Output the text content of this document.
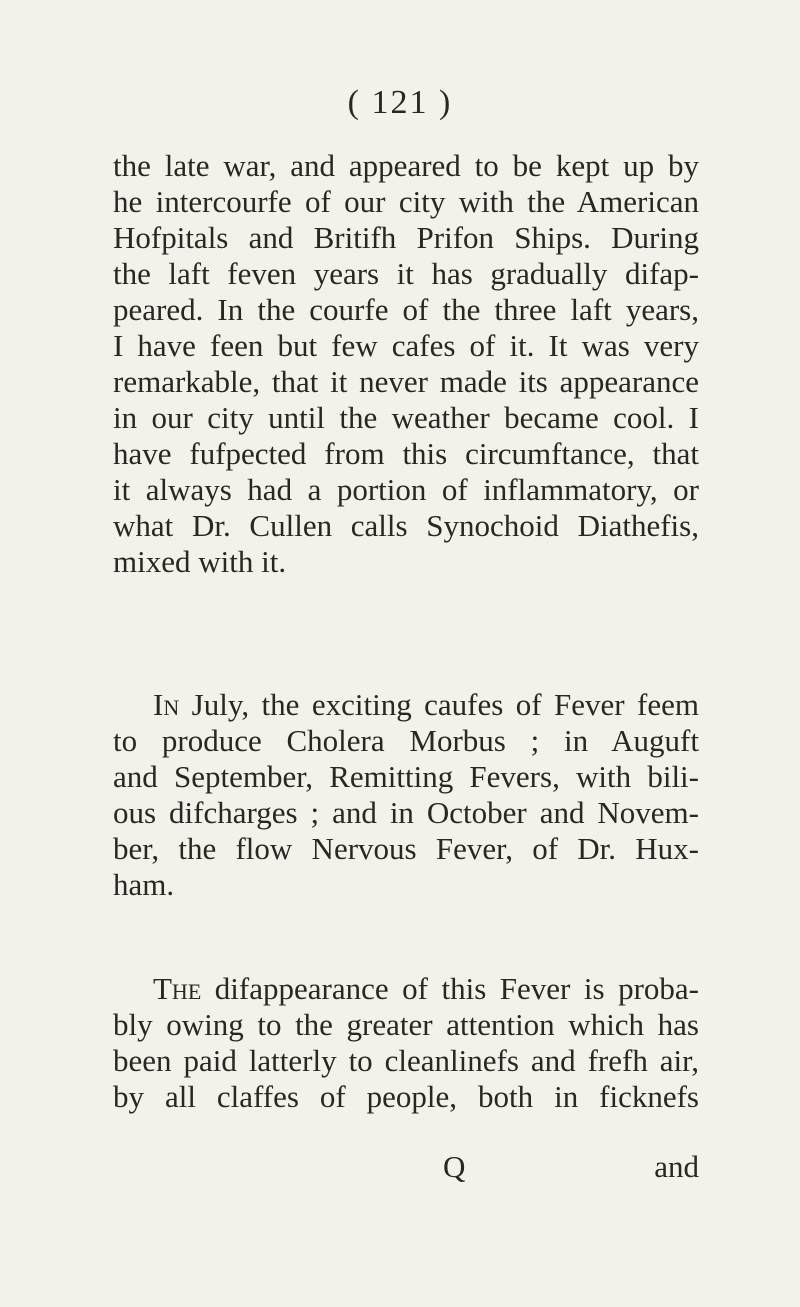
( 121 )
the late war, and appeared to be kept up by
he intercourfe of our city with the American
Hofpitals and Britifh Prifon Ships. During
the laft feven years it has gradually difap-
peared. In the courfe of the three laft years,
I have feen but few cafes of it. It was very
remarkable, that it never made its appearance
in our city until the weather became cool. I
have fufpected from this circumftance, that
it always had a portion of inflammatory, or
what Dr. Cullen calls Synochoid Diathefis,
mixed with it.
In July, the exciting caufes of Fever feem
to produce Cholera Morbus ; in Auguft
and September, Remitting Fevers, with bili-
ous difcharges ; and in October and Novem-
ber, the flow Nervous Fever, of Dr. Hux-
ham.
The difappearance of this Fever is proba-
bly owing to the greater attention which has
been paid latterly to cleanlinefs and frefh air,
by all claffes of people, both in ficknefs
Q	and
